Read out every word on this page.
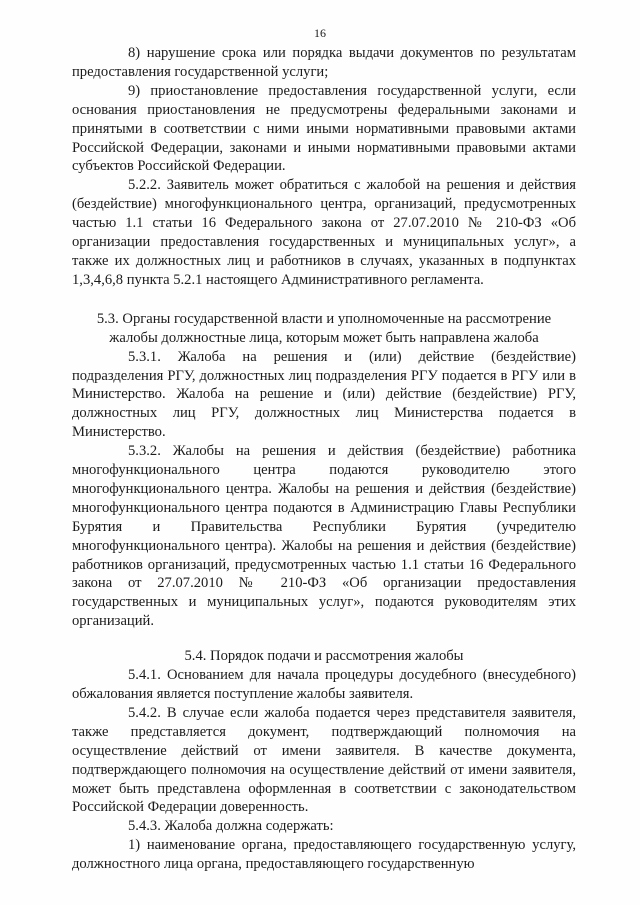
16

8) нарушение срока или порядка выдачи документов по результатам предоставления государственной услуги;

9) приостановление предоставления государственной услуги, если основания приостановления не предусмотрены федеральными законами и принятыми в соответствии с ними иными нормативными правовыми актами Российской Федерации, законами и иными нормативными правовыми актами субъектов Российской Федерации.

5.2.2. Заявитель может обратиться с жалобой на решения и действия (бездействие) многофункционального центра, организаций, предусмотренных частью 1.1 статьи 16 Федерального закона от 27.07.2010 № 210-ФЗ «Об организации предоставления государственных и муниципальных услуг», а также их должностных лиц и работников в случаях, указанных в подпунктах 1,3,4,6,8 пункта 5.2.1 настоящего Административного регламента.

5.3. Органы государственной власти и уполномоченные на рассмотрение жалобы должностные лица, которым может быть направлена жалоба

5.3.1. Жалоба на решения и (или) действие (бездействие) подразделения РГУ, должностных лиц подразделения РГУ подается в РГУ или в Министерство. Жалоба на решение и (или) действие (бездействие) РГУ, должностных лиц РГУ, должностных лиц Министерства подается в Министерство.

5.3.2. Жалобы на решения и действия (бездействие) работника многофункционального центра подаются руководителю этого многофункционального центра. Жалобы на решения и действия (бездействие) многофункционального центра подаются в Администрацию Главы Республики Бурятия и Правительства Республики Бурятия (учредителю многофункционального центра). Жалобы на решения и действия (бездействие) работников организаций, предусмотренных частью 1.1 статьи 16 Федерального закона от 27.07.2010 № 210-ФЗ «Об организации предоставления государственных и муниципальных услуг», подаются руководителям этих организаций.

5.4. Порядок подачи и рассмотрения жалобы

5.4.1. Основанием для начала процедуры досудебного (внесудебного) обжалования является поступление жалобы заявителя.

5.4.2. В случае если жалоба подается через представителя заявителя, также представляется документ, подтверждающий полномочия на осуществление действий от имени заявителя. В качестве документа, подтверждающего полномочия на осуществление действий от имени заявителя, может быть представлена оформленная в соответствии с законодательством Российской Федерации доверенность.

5.4.3. Жалоба должна содержать:

1) наименование органа, предоставляющего государственную услугу, должностного лица органа, предоставляющего государственную
